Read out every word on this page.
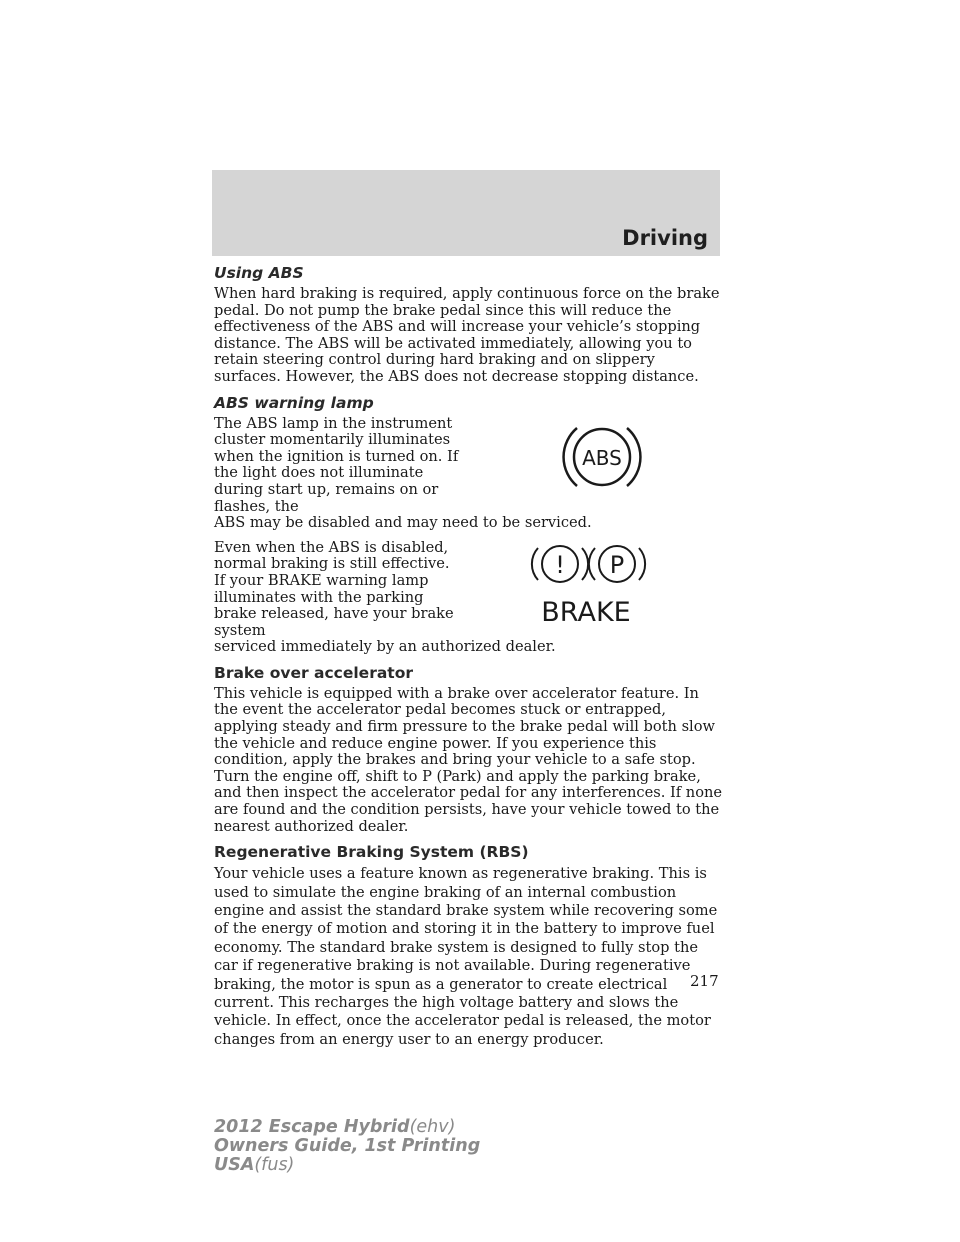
Driving
Using ABS

When hard braking is required, apply continuous force on the brake pedal. Do not pump the brake pedal since this will reduce the effectiveness of the ABS and will increase your vehicle’s stopping distance. The ABS will be activated immediately, allowing you to retain steering control during hard braking and on slippery surfaces. However, the ABS does not decrease stopping distance.

ABS warning lamp

The ABS lamp in the instrument cluster momentarily illuminates when the ignition is turned on. If the light does not illuminate during start up, remains on or flashes, the

ABS may be disabled and may need to be serviced.

ABS

Even when the ABS is disabled, normal braking is still effective. If your BRAKE warning lamp illuminates with the parking brake released, have your brake system

serviced immediately by an authorized dealer.

! P
BRAKE
Brake over accelerator

This vehicle is equipped with a brake over accelerator feature. In the event the accelerator pedal becomes stuck or entrapped, applying steady and firm pressure to the brake pedal will both slow the vehicle and reduce engine power. If you experience this condition, apply the brakes and bring your vehicle to a safe stop. Turn the engine off, shift to P (Park) and apply the parking brake, and then inspect the accelerator pedal for any interferences. If none are found and the condition persists, have your vehicle towed to the nearest authorized dealer.

Regenerative Braking System (RBS)

Your vehicle uses a feature known as regenerative braking. This is used to simulate the engine braking of an internal combustion engine and assist the standard brake system while recovering some of the energy of motion and storing it in the battery to improve fuel economy. The standard brake system is designed to fully stop the car if regenerative braking is not available. During regenerative braking, the motor is spun as a generator to create electrical current. This recharges the high voltage battery and slows the vehicle. In effect, once the accelerator pedal is released, the motor changes from an energy user to an energy producer.

217
2012 Escape Hybrid(ehv)
Owners Guide, 1st Printing
USA(fus)
